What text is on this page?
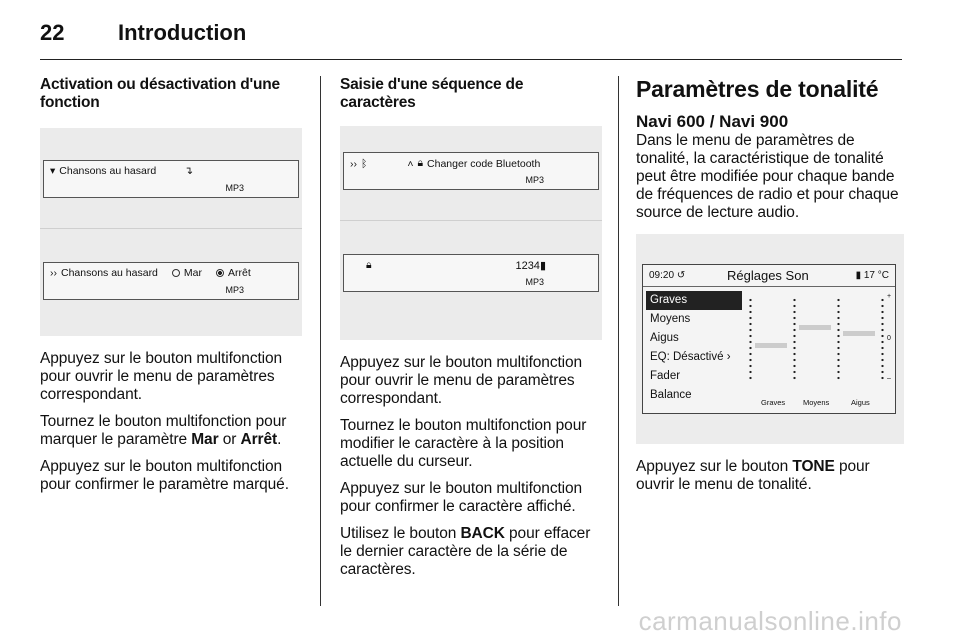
22 Introduction
Activation ou désactivation d'une fonction
▾ Chansons au hasard	↴
MP3
›› Chansons au hasard Mar Arrêt
MP3

Appuyez sur le bouton multifonction pour ouvrir le menu de paramètres correspondant.

Tournez le bouton multifonction pour marquer le paramètre Mar or Arrêt.

Appuyez sur le bouton multifonction pour confirmer le paramètre marqué.

Saisie d'une séquence de caractères
›› ᛒ	˄ 🔒︎ Changer code Bluetooth
MP3
🔒︎	1234▮
MP3

Appuyez sur le bouton multifonction pour ouvrir le menu de paramètres correspondant.

Tournez le bouton multifonction pour modifier le caractère à la position actuelle du curseur.

Appuyez sur le bouton multifonction pour confirmer le caractère affiché.

Utilisez le bouton BACK pour effacer le dernier caractère de la série de caractères.

Paramètres de tonalité
Navi 600 / Navi 900

Dans le menu de paramètres de tonalité, la caractéristique de tonalité peut être modifiée pour chaque bande de fréquences de radio et pour chaque source de lecture audio.

09:20 ↺	Réglages Son	▮ 17 °C
Graves
Moyens
Aigus
EQ: Désactivé ›
Fader
Balance
+
0
–
Graves Moyens	Aigus

Appuyez sur le bouton TONE pour ouvrir le menu de tonalité.

carmanualsonline.info
